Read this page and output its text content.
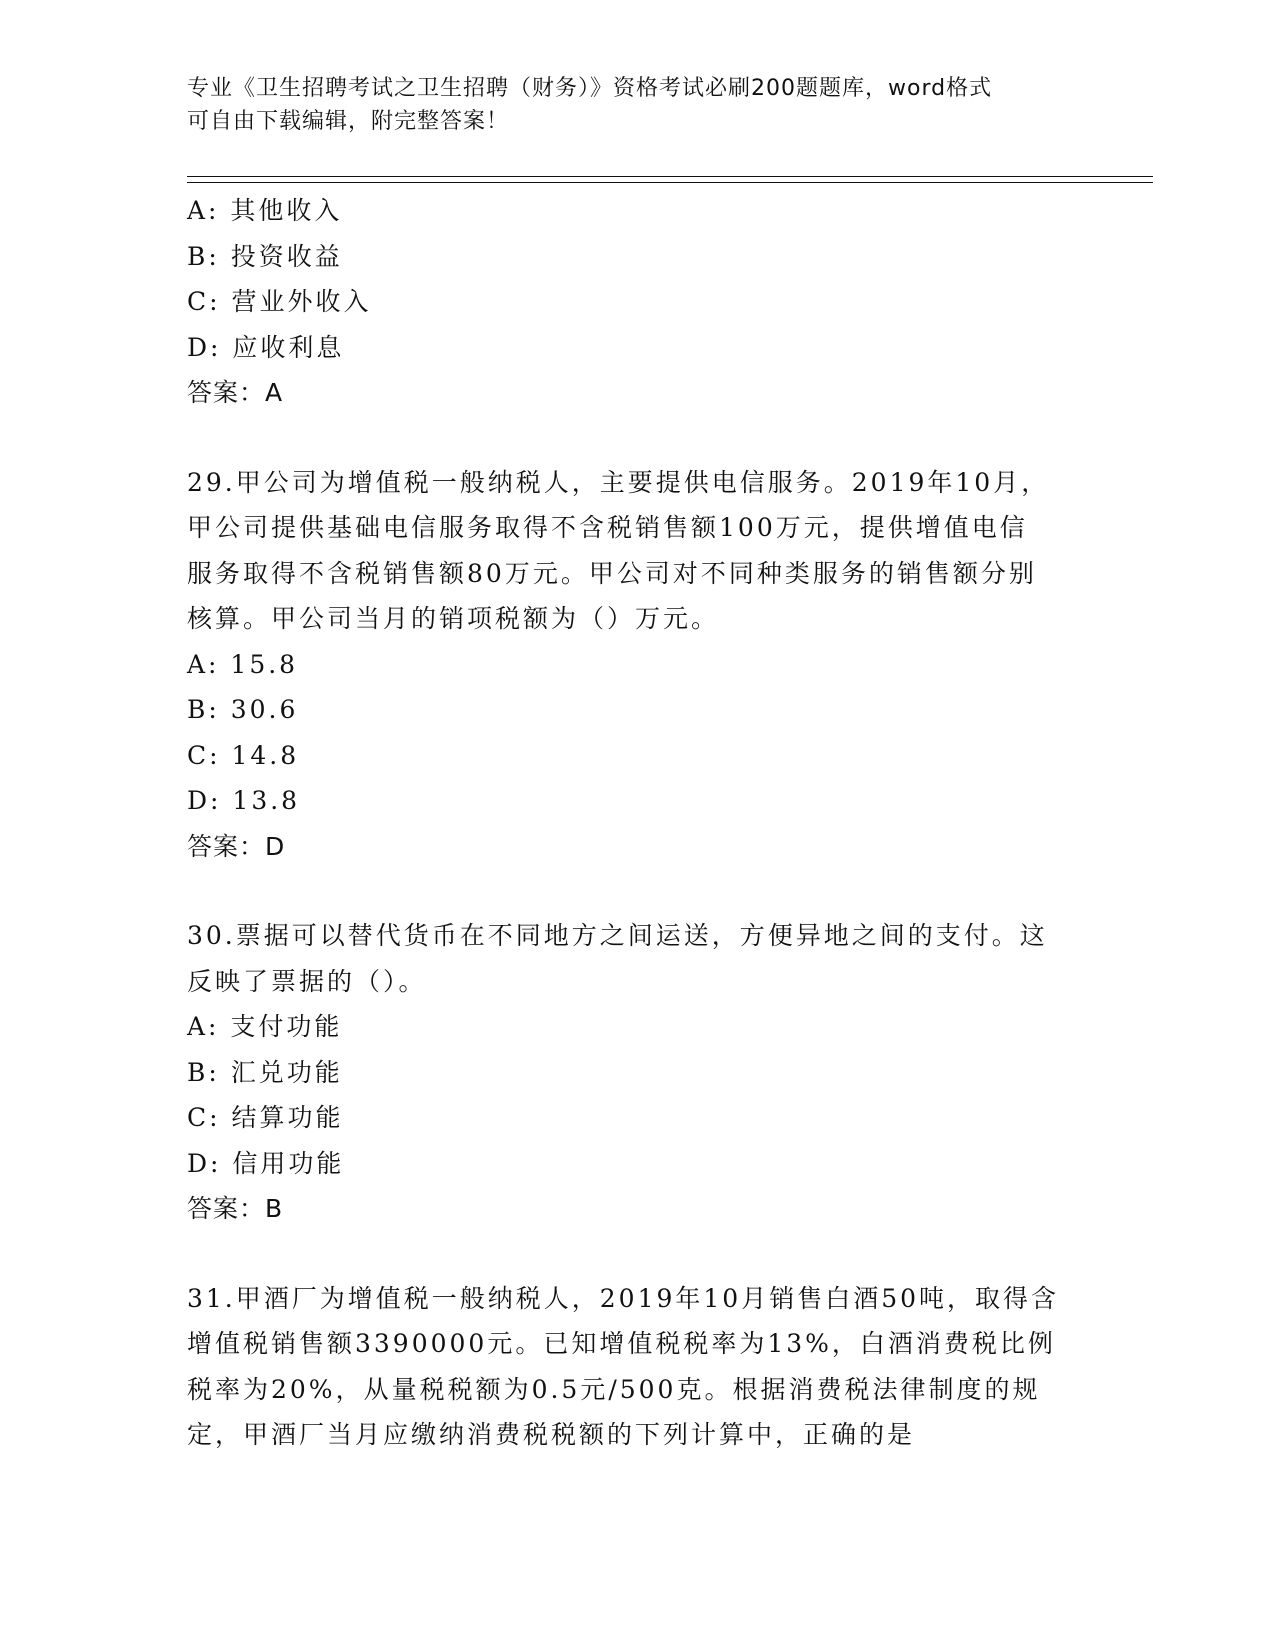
专业《卫生招聘考试之卫生招聘（财务）》资格考试必刷200题题库，word格式
可自由下载编辑，附完整答案！
A: 其他收入
B: 投资收益
C: 营业外收入
D: 应收利息
答案：A
29.甲公司为增值税一般纳税人，主要提供电信服务。2019年10月，
甲公司提供基础电信服务取得不含税销售额100万元，提供增值电信
服务取得不含税销售额80万元。甲公司对不同种类服务的销售额分别
核算。甲公司当月的销项税额为（）万元。
A: 15.8
B: 30.6
C: 14.8
D: 13.8
答案：D
30.票据可以替代货币在不同地方之间运送，方便异地之间的支付。这
反映了票据的（）。
A: 支付功能
B: 汇兑功能
C: 结算功能
D: 信用功能
答案：B
31.甲酒厂为增值税一般纳税人，2019年10月销售白酒50吨，取得含
增值税销售额3390000元。已知增值税税率为13%，白酒消费税比例
税率为20%，从量税税额为0.5元/500克。根据消费税法律制度的规
定，甲酒厂当月应缴纳消费税税额的下列计算中，正确的是
